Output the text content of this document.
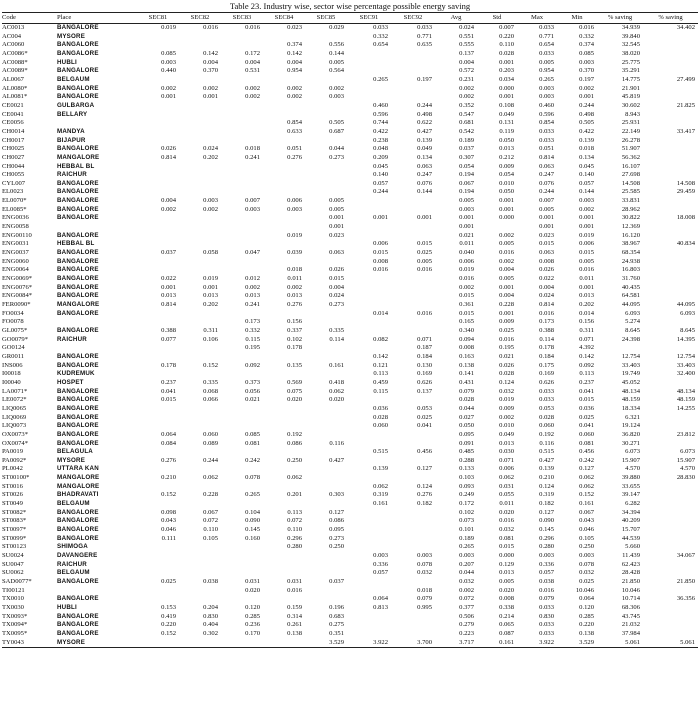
Table 23. Industry wise, sector wise percentage possible energy saving
Code	Place	SEC81	SEC82	SEC83	SEC84	SEC85	SEC91	SEC92	Avg	Std	Max	Min	% saving	% saving
AC0013	BANGALORE	0.019	0.016	0.016	0.023	0.029	0.033	0.033	0.024	0.007	0.033	0.016	34.939	34.402
AC004	MYSORE						0.332	0.771	0.551	0.220	0.771	0.332	39.840	
AC0060	BANGALORE				0.374	0.556	0.654	0.635	0.555	0.110	0.654	0.374	32.545	
AC0086*	BANGALORE	0.085	0.142	0.172	0.142	0.144			0.137	0.028	0.033	0.085	38.020	
AC0088*	HUBLI	0.003	0.004	0.004	0.004	0.005			0.004	0.001	0.005	0.003	25.775	
AC0089*	BANGALORE	0.440	0.370	0.531	0.954	0.564			0.572	0.203	0.954	0.370	35.291	
AL0067	BELGAUM						0.265	0.197	0.231	0.034	0.265	0.197	14.775	27.499
AL0080*	BANGALORE	0.002	0.002	0.002	0.002	0.002			0.002	0.000	0.003	0.002	21.901	
AL0081*	BANGALORE	0.001	0.001	0.002	0.002	0.003			0.002	0.001	0.003	0.001	45.819	
CE0021	GULBARGA						0.460	0.244	0.352	0.108	0.460	0.244	30.602	21.825
CE0041	BELLARY						0.596	0.498	0.547	0.049	0.596	0.498	8.943	
CE0056					0.854	0.505	0.744	0.622	0.681	0.131	0.854	0.505	25.931	
CH0014	MANDYA				0.633	0.687	0.422	0.427	0.542	0.119	0.033	0.422	22.149	33.417
CH0017	BIJAPUR						0.238	0.139	0.189	0.050	0.033	0.139	26.278	
CH0025	BANGALORE	0.026	0.024	0.018	0.051	0.044	0.048	0.049	0.037	0.013	0.051	0.018	51.907	
CH0027	MANGALORE	0.814	0.202	0.241	0.276	0.273	0.209	0.134	0.307	0.212	0.814	0.134	56.362	
CH0044	HEBBAL BL						0.045	0.063	0.054	0.009	0.063	0.045	16.107	
CH0055	RAICHUR						0.140	0.247	0.194	0.054	0.247	0.140	27.698	
CYL007	BANGALORE						0.057	0.076	0.067	0.010	0.076	0.057	14.508	14.508
EL0023	BANGALORE						0.244	0.144	0.194	0.050	0.244	0.144	25.585	29.459
EL0070*	BANGALORE	0.004	0.003	0.007	0.006	0.005			0.005	0.001	0.007	0.003	33.831	
EL0085*	BANGALORE	0.002	0.002	0.003	0.003	0.005			0.003	0.001	0.005	0.002	28.962	
ENG0036	BANGALORE					0.001	0.001	0.001	0.001	0.000	0.001	0.001	30.822	18.008
ENG0058						0.001			0.001		0.001	0.001	12.369	
ENG00110	BANGALORE				0.019	0.023			0.021	0.002	0.023	0.019	16.120	
ENG0031	HEBBAL BL						0.006	0.015	0.011	0.005	0.015	0.006	38.967	40.834
ENG0037	BANGALORE	0.037	0.058	0.047	0.039	0.063	0.015	0.025	0.040	0.016	0.063	0.015	68.354	
ENG0060	BANGALORE						0.008	0.005	0.006	0.002	0.008	0.005	24.938	
ENG0064	BANGALORE				0.018	0.026	0.016	0.016	0.019	0.004	0.026	0.016	16.803	
ENG0069*	BANGALORE	0.022	0.019	0.012	0.011	0.015			0.016	0.005	0.022	0.011	31.760	
ENG0076*	BANGALORE	0.001	0.001	0.002	0.002	0.004			0.002	0.001	0.004	0.001	40.435	
ENG0084*	BANGALORE	0.013	0.013	0.013	0.013	0.024			0.015	0.004	0.024	0.013	64.581	
FER0090*	MANGALORE	0.814	0.202	0.241	0.276	0.273			0.361	0.228	0.814	0.202	44.095	44.095
FO0034	BANGALORE						0.014	0.016	0.015	0.001	0.016	0.014	6.093	6.093
FO0078				0.173	0.156				0.165	0.009	0.173	0.156	5.274	
GL0075*	BANGALORE	0.388	0.311	0.332	0.337	0.335			0.340	0.025	0.388	0.311	8.645	8.645
GO0079*	RAICHUR	0.077	0.106	0.115	0.102	0.114	0.082	0.071	0.094	0.016	0.114	0.071	24.398	14.395
GO0124				0.195	0.178			0.187	0.008	0.195	0.178	4.392		
GR0011	BANGALORE						0.142	0.184	0.163	0.021	0.184	0.142	12.754	12.754
INS006	BANGALORE	0.178	0.152	0.092	0.135	0.161	0.121	0.130	0.138	0.026	0.175	0.092	33.403	33.403
I00018	KUDREMUK						0.113	0.169	0.141	0.028	0.169	0.113	19.749	32.400
I00040	HOSPET	0.237	0.335	0.373	0.569	0.418	0.459	0.626	0.431	0.124	0.626	0.237	45.052	
LA0071*	BANGALORE	0.041	0.068	0.056	0.075	0.062	0.115	0.137	0.079	0.032	0.033	0.041	48.134	48.134
LE0072*	BANGALORE	0.015	0.066	0.021	0.020	0.020			0.028	0.019	0.033	0.015	48.159	48.159
LIQ0065	BANGALORE						0.036	0.053	0.044	0.009	0.053	0.036	18.334	14.255
LIQ0069	BANGALORE						0.028	0.025	0.027	0.002	0.028	0.025	6.321	
LIQ0073	BANGALORE						0.060	0.041	0.050	0.010	0.060	0.041	19.124	
OX0073*	BANGALORE	0.064	0.060	0.085	0.192				0.095	0.049	0.192	0.060	36.820	23.812
OX0074*	BANGALORE	0.084	0.089	0.081	0.086	0.116			0.091	0.013	0.116	0.081	30.271	
PA0019	BELAGULA						0.515	0.456	0.485	0.030	0.515	0.456	6.073	6.073
PA0092*	MYSORE	0.276	0.244	0.242	0.250	0.427			0.288	0.071	0.427	0.242	15.907	15.907
PL0042	UTTARA KAN						0.139	0.127	0.133	0.006	0.139	0.127	4.570	4.570
ST00100*	MANGALORE	0.210	0.062	0.078	0.062				0.103	0.062	0.210	0.062	39.880	28.830
ST0016	MANGALORE						0.062	0.124	0.093	0.031	0.124	0.062	33.655	
ST0026	BHADRAVATI	0.152	0.228	0.265	0.201	0.303	0.319	0.276	0.249	0.055	0.319	0.152	39.147	
ST0049	BELGAUM						0.161	0.182	0.172	0.011	0.182	0.161	6.282	
ST0082*	BANGALORE	0.098	0.067	0.104	0.113	0.127			0.102	0.020	0.127	0.067	34.394	
ST0083*	BANGALORE	0.043	0.072	0.090	0.072	0.086			0.073	0.016	0.090	0.043	40.209	
ST0097*	BANGALORE	0.046	0.110	0.145	0.110	0.095			0.101	0.032	0.145	0.046	15.707	
ST0099*	BANGALORE	0.111	0.105	0.160	0.296	0.273			0.189	0.081	0.296	0.105	44.539	
ST00123	SHIMOGA				0.280	0.250			0.265	0.015	0.280	0.250	5.660	
SU0024	DAVANGERE						0.003	0.003	0.003	0.000	0.003	0.003	11.439	34.067
SU0047	RAICHUR						0.336	0.078	0.207	0.129	0.336	0.078	62.423	
SU0062	BELGAUM						0.057	0.032	0.044	0.013	0.057	0.032	28.428	
SAD0077*	BANGALORE	0.025	0.038	0.031	0.031	0.037			0.032	0.005	0.038	0.025	21.850	21.850
TI00121				0.020	0.016			0.018	0.002	0.020	0.016	10.046	10.046	
TX0010	BANGALORE						0.064	0.079	0.072	0.008	0.079	0.064	10.714	36.356
TX0030	HUBLI	0.153	0.204	0.120	0.159	0.196	0.813	0.995	0.377	0.338	0.033	0.120	68.306	
TX0093*	BANGALORE	0.419	0.830	0.285	0.314	0.683			0.506	0.214	0.830	0.285	43.745	
TX0094*	BANGALORE	0.220	0.404	0.236	0.261	0.275			0.279	0.065	0.033	0.220	21.032	
TX0095*	BANGALORE	0.152	0.302	0.170	0.138	0.351			0.223	0.087	0.033	0.138	37.984	
TY0043	MYSORE					3.529	3.922	3.700	3.717	0.161	3.922	3.529	5.061	5.061
